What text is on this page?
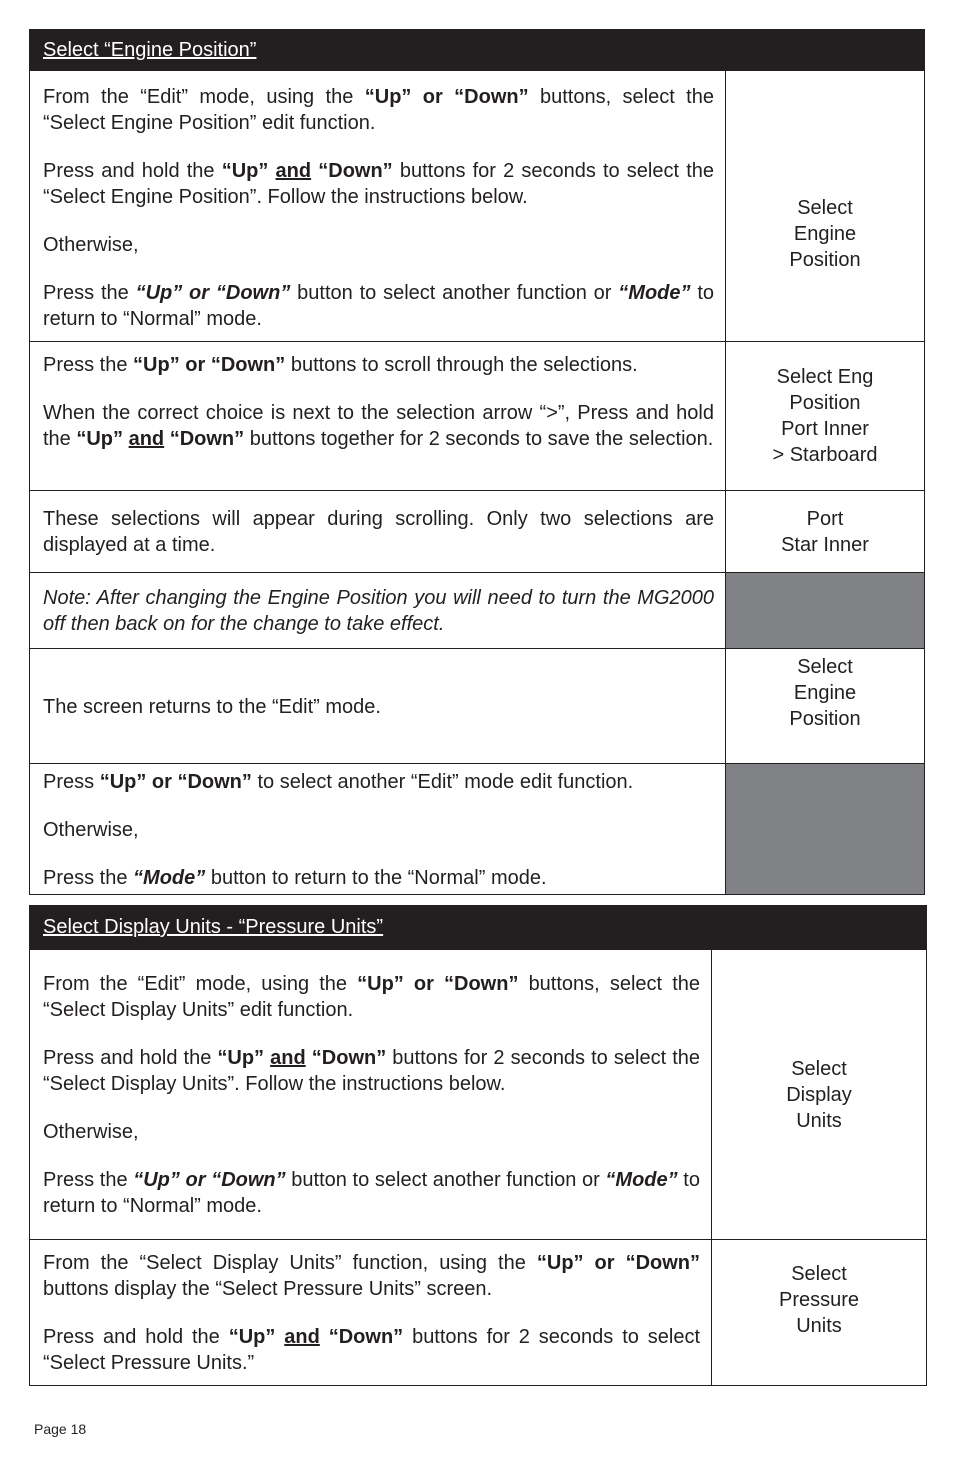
Select “Engine Position”

From the “Edit” mode, using the “Up” or “Down” buttons, select the “Select Engine Position” edit function.

Press and hold the “Up” and “Down” buttons for 2 seconds to select the “Select Engine Position”. Follow the instructions below.

Otherwise,

Press the “Up” or “Down” button to select another function or “Mode” to return to “Normal” mode.

Select
Engine
Position

Press the “Up” or “Down” buttons to scroll through the selections.

When the correct choice is next to the selection arrow “>”, Press and hold the “Up” and “Down” buttons together for 2 seconds to save the selection.

Select Eng
Position
Port Inner
> Starboard

These selections will appear during scrolling. Only two selections are displayed at a time.

Port
Star Inner

Note: After changing the Engine Position you will need to turn the MG2000 off then back on for the change to take effect.

The screen returns to the “Edit” mode.

Select
Engine
Position

Press “Up” or “Down” to select another “Edit” mode edit function.

Otherwise,

Press the “Mode” button to return to the “Normal” mode.

Select Display Units - “Pressure Units”

From the “Edit” mode, using the “Up” or “Down” buttons, select the “Select Display Units” edit function.

Press and hold the “Up” and “Down” buttons for 2 seconds to select the “Select Display Units”. Follow the instructions below.

Otherwise,

Press the “Up” or “Down” button to select another function or “Mode” to return to “Normal” mode.

Select
Display
Units

From the “Select Display Units” function, using the “Up” or “Down” buttons display the “Select Pressure Units” screen.

Press and hold the “Up” and “Down” buttons for 2 seconds to select “Select Pressure Units.”

Select
Pressure
Units
Page 18
